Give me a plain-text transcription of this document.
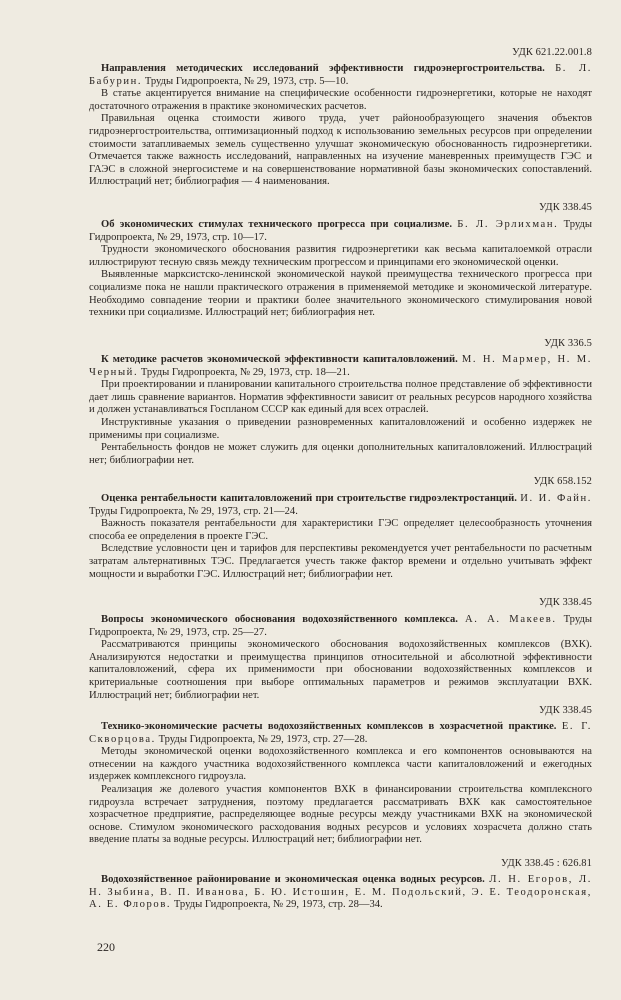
УДК 621.22.001.8

Направления методических исследований эффективности гидроэнергостроительства. Б. Л. Бабурин. Труды Гидропроекта, № 29, 1973, стр. 5—10.

В статье акцентируется внимание на специфические особенности гидроэнергетики, которые не находят достаточного отражения в практике экономических расчетов.

Правильная оценка стоимости живого труда, учет районообразующего значения объектов гидроэнергостроительства, оптимизационный подход к использованию земельных ресурсов при определении стоимости затапливаемых земель существенно улучшат экономическую обоснованность гидроэнергетики. Отмечается также важность исследований, направленных на изучение маневренных преимуществ ГЭС и ГАЭС в сложной энергосистеме и на совершенствование нормативной базы экономических сопоставлений. Иллюстраций нет; библиография — 4 наименования.

УДК 338.45

Об экономических стимулах технического прогресса при социализме. Б. Л. Эрлихман. Труды Гидропроекта, № 29, 1973, стр. 10—17.

Трудности экономического обоснования развития гидроэнергетики как весьма капиталоемкой отрасли иллюстрируют тесную связь между техническим прогрессом и принципами его экономической оценки.

Выявленные марксистско-ленинской экономической наукой преимущества технического прогресса при социализме пока не нашли практического отражения в применяемой методике и экономической литературе. Необходимо совпадение теории и практики более значительного экономического стимулирования новой техники при социализме. Иллюстраций нет; библиография нет.

УДК 336.5

К методике расчетов экономической эффективности капиталовложений. М. Н. Мармер, Н. М. Черный. Труды Гидропроекта, № 29, 1973, стр. 18—21.

При проектировании и планировании капитального строительства полное представление об эффективности дает лишь сравнение вариантов. Норматив эффективности зависит от реальных ресурсов народного хозяйства и должен устанавливаться Госпланом СССР как единый для всех отраслей.

Инструктивные указания о приведении разновременных капиталовложений и особенно издержек не применимы при социализме.

Рентабельность фондов не может служить для оценки дополнительных капиталовложений. Иллюстраций нет; библиографии нет.

УДК 658.152

Оценка рентабельности капиталовложений при строительстве гидроэлектростанций. И. И. Файн. Труды Гидропроекта, № 29, 1973, стр. 21—24.

Важность показателя рентабельности для характеристики ГЭС определяет целесообразность уточнения способа ее определения в проекте ГЭС.

Вследствие условности цен и тарифов для перспективы рекомендуется учет рентабельности по расчетным затратам альтернативных ТЭС. Предлагается учесть также фактор времени и отдельно учитывать эффект мощности и выработки ГЭС. Иллюстраций нет; библиографии нет.

УДК 338.45

Вопросы экономического обоснования водохозяйственного комплекса. А. А. Макеев. Труды Гидропроекта, № 29, 1973, стр. 25—27.

Рассматриваются принципы экономического обоснования водохозяйственных комплексов (ВХК). Анализируются недостатки и преимущества принципов относительной и абсолютной эффективности капиталовложений, сфера их применимости при обосновании водохозяйственных комплексов и критериальные соотношения при выборе оптимальных параметров и режимов эксплуатации ВХК. Иллюстраций нет; библиографии нет.

УДК 338.45

Технико-экономические расчеты водохозяйственных комплексов в хозрасчетной практике. Е. Г. Скворцова. Труды Гидропроекта, № 29, 1973, стр. 27—28.

Методы экономической оценки водохозяйственного комплекса и его компонентов основываются на отнесении на каждого участника водохозяйственного комплекса части капиталовложений и ежегодных издержек комплексного гидроузла.

Реализация же долевого участия компонентов ВХК в финансировании строительства комплексного гидроузла встречает затруднения, поэтому предлагается рассматривать ВХК как самостоятельное хозрасчетное предприятие, распределяющее водные ресурсы между участниками ВХК на экономической основе. Стимулом экономического расходования водных ресурсов и условиях хозрасчета должно стать введение платы за водные ресурсы. Иллюстраций нет; библиографии нет.

УДК 338.45 : 626.81

Водохозяйственное районирование и экономическая оценка водных ресурсов. Л. Н. Егоров, Л. Н. Зыбина, В. П. Иванова, Б. Ю. Истошин, Е. М. Подольский, Э. Е. Теодоронская, А. Е. Флоров. Труды Гидропроекта, № 29, 1973, стр. 28—34.

220
